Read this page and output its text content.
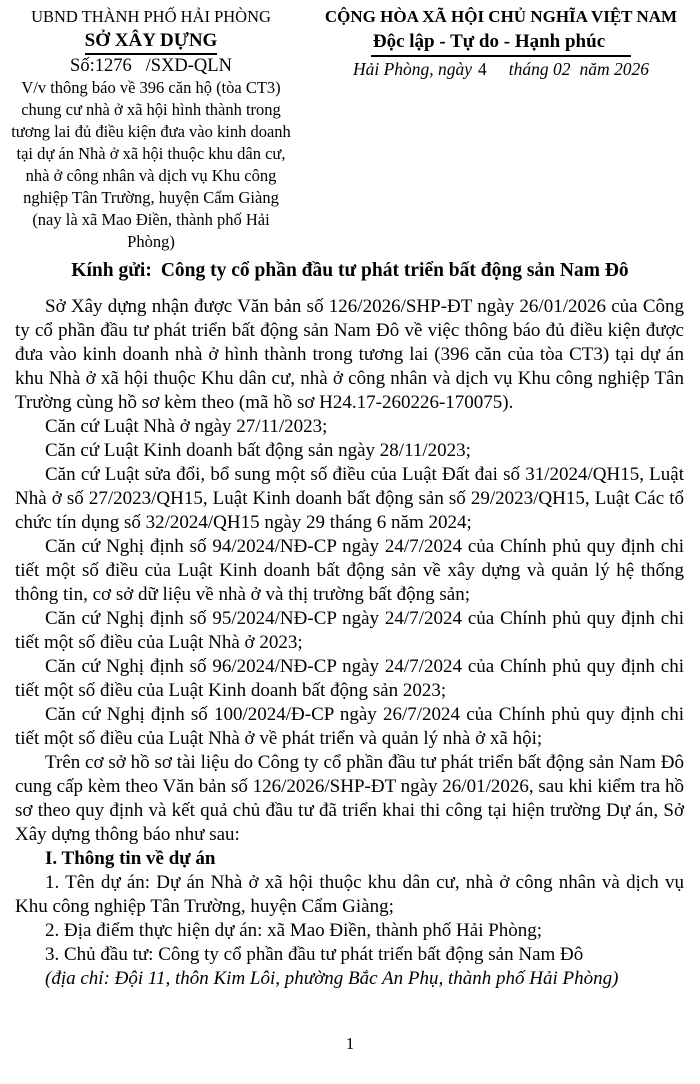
UBND THÀNH PHỐ HẢI PHÒNG
SỞ XÂY DỰNG
Số:1276   /SXD-QLN
V/v thông báo về 396 căn hộ (tòa CT3) chung cư nhà ở xã hội hình thành trong tương lai đủ điều kiện đưa vào kinh doanh tại dự án Nhà ở xã hội thuộc khu dân cư, nhà ở công nhân và dịch vụ Khu công nghiệp Tân Trường, huyện Cẩm Giàng (nay là xã Mao Điền, thành phố Hải Phòng)
CỘNG HÒA XÃ HỘI CHỦ NGHĨA VIỆT NAM
Độc lập - Tự do - Hạnh phúc
Hải Phòng, ngày 4 tháng 02 năm 2026
Kính gửi: Công ty cổ phần đầu tư phát triển bất động sản Nam Đô

Sở Xây dựng nhận được Văn bản số 126/2026/SHP-ĐT ngày 26/01/2026 của Công ty cổ phần đầu tư phát triển bất động sản Nam Đô về việc thông báo đủ điều kiện được đưa vào kinh doanh nhà ở hình thành trong tương lai (396 căn của tòa CT3) tại dự án khu Nhà ở xã hội thuộc Khu dân cư, nhà ở công nhân và dịch vụ Khu công nghiệp Tân Trường cùng hồ sơ kèm theo (mã hồ sơ H24.17-260226-170075).

Căn cứ Luật Nhà ở ngày 27/11/2023;

Căn cứ Luật Kinh doanh bất động sản ngày 28/11/2023;

Căn cứ Luật sửa đổi, bổ sung một số điều của Luật Đất đai số 31/2024/QH15, Luật Nhà ở số 27/2023/QH15, Luật Kinh doanh bất động sản số 29/2023/QH15, Luật Các tổ chức tín dụng số 32/2024/QH15 ngày 29 tháng 6 năm 2024;

Căn cứ Nghị định số 94/2024/NĐ-CP ngày 24/7/2024 của Chính phủ quy định chi tiết một số điều của Luật Kinh doanh bất động sản về xây dựng và quản lý hệ thống thông tin, cơ sở dữ liệu về nhà ở và thị trường bất động sản;

Căn cứ Nghị định số 95/2024/NĐ-CP ngày 24/7/2024 của Chính phủ quy định chi tiết một số điều của Luật Nhà ở 2023;

Căn cứ Nghị định số 96/2024/NĐ-CP ngày 24/7/2024 của Chính phủ quy định chi tiết một số điều của Luật Kinh doanh bất động sản 2023;

Căn cứ Nghị định số 100/2024/Đ-CP ngày 26/7/2024 của Chính phủ quy định chi tiết một số điều của Luật Nhà ở về phát triển và quản lý nhà ở xã hội;

Trên cơ sở hồ sơ tài liệu do Công ty cổ phần đầu tư phát triển bất động sản Nam Đô cung cấp kèm theo Văn bản số 126/2026/SHP-ĐT ngày 26/01/2026, sau khi kiểm tra hồ sơ theo quy định và kết quả chủ đầu tư đã triển khai thi công tại hiện trường Dự án, Sở Xây dựng thông báo như sau:

I. Thông tin về dự án

1. Tên dự án: Dự án Nhà ở xã hội thuộc khu dân cư, nhà ở công nhân và dịch vụ Khu công nghiệp Tân Trường, huyện Cẩm Giàng;

2. Địa điểm thực hiện dự án: xã Mao Điền, thành phố Hải Phòng;

3. Chủ đầu tư: Công ty cổ phần đầu tư phát triển bất động sản Nam Đô

(địa chỉ: Đội 11, thôn Kim Lôi, phường Bắc An Phụ, thành phố Hải Phòng)

1
